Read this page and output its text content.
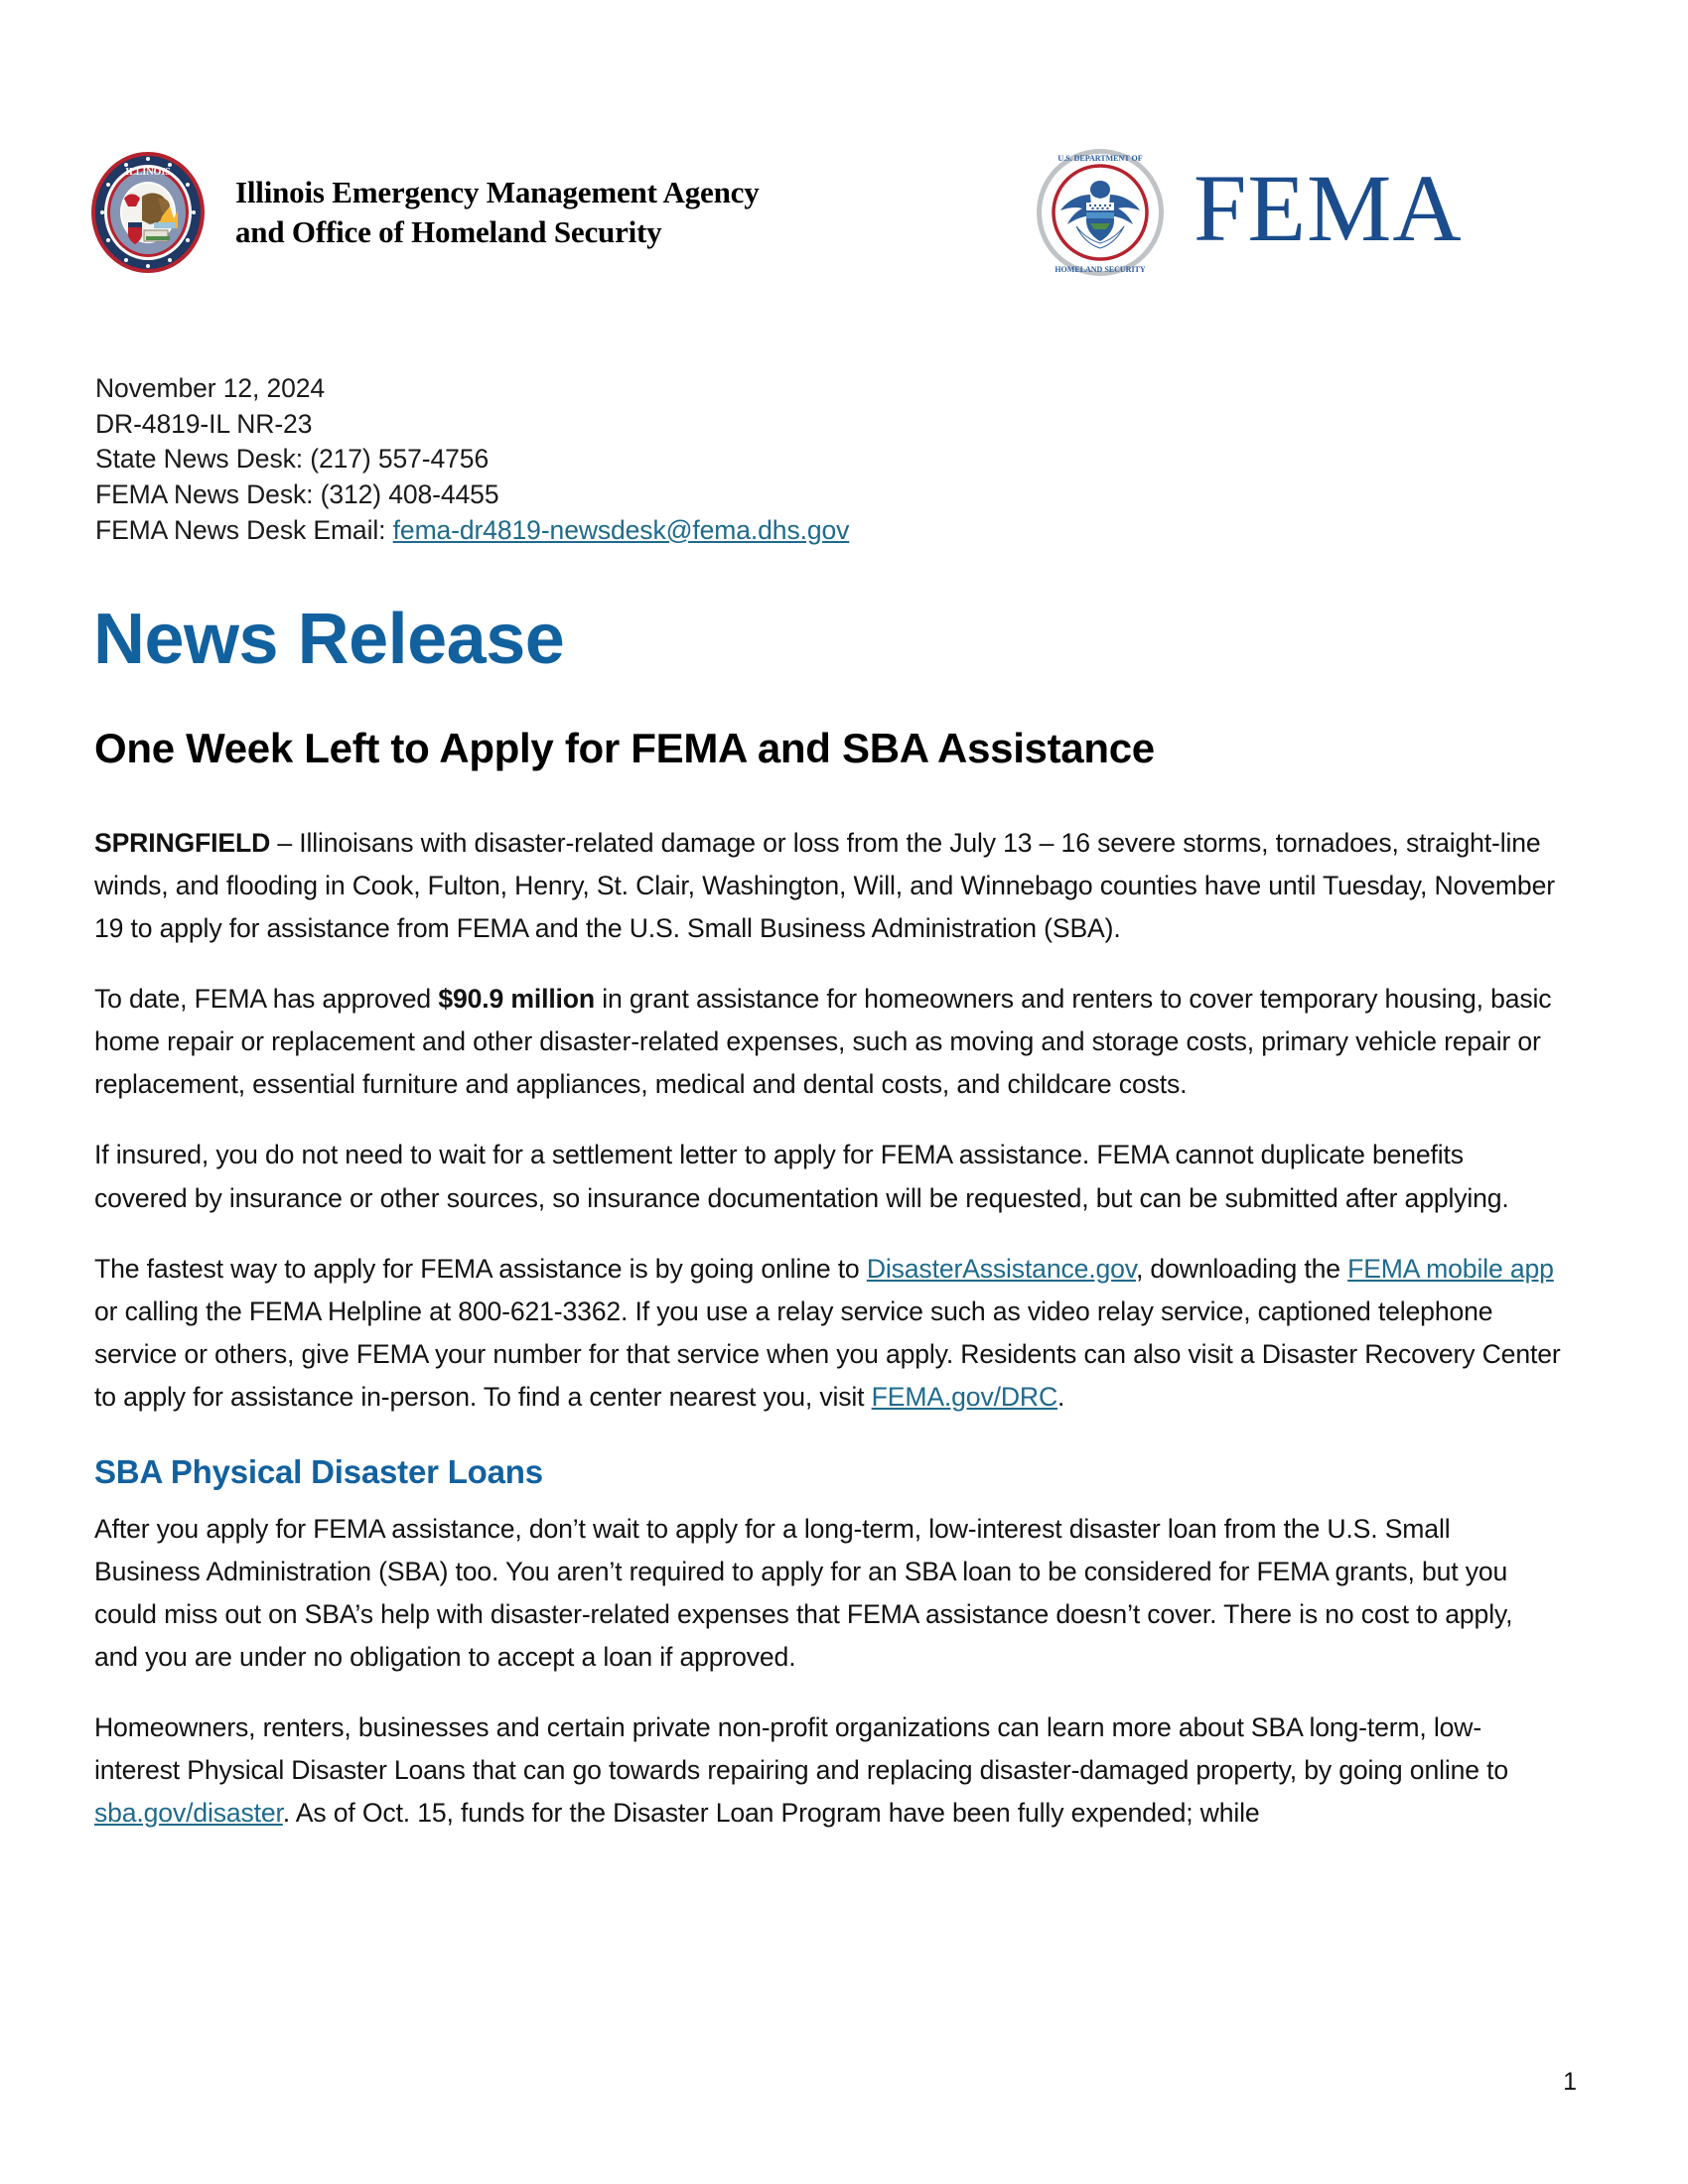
ILLINOIS
Illinois Emergency Management Agency
and Office of Homeland Security
U.S. DEPARTMENT OF
HOMELAND SECURITY
FEMA
November 12, 2024
DR-4819-IL NR-23
State News Desk: (217) 557-4756
FEMA News Desk: (312) 408-4455
FEMA News Desk Email: fema-dr4819-newsdesk@fema.dhs.gov
News Release
One Week Left to Apply for FEMA and SBA Assistance

SPRINGFIELD – Illinoisans with disaster-related damage or loss from the July 13 – 16 severe storms, tornadoes, straight-line winds, and flooding in Cook, Fulton, Henry, St. Clair, Washington, Will, and Winnebago counties have until Tuesday, November 19 to apply for assistance from FEMA and the U.S. Small Business Administration (SBA).

To date, FEMA has approved $90.9 million in grant assistance for homeowners and renters to cover temporary housing, basic home repair or replacement and other disaster-related expenses, such as moving and storage costs, primary vehicle repair or replacement, essential furniture and appliances, medical and dental costs, and childcare costs.

If insured, you do not need to wait for a settlement letter to apply for FEMA assistance. FEMA cannot duplicate benefits covered by insurance or other sources, so insurance documentation will be requested, but can be submitted after applying.

The fastest way to apply for FEMA assistance is by going online to DisasterAssistance.gov, downloading the FEMA mobile app or calling the FEMA Helpline at 800-621-3362. If you use a relay service such as video relay service, captioned telephone service or others, give FEMA your number for that service when you apply. Residents can also visit a Disaster Recovery Center to apply for assistance in-person. To find a center nearest you, visit FEMA.gov/DRC.

SBA Physical Disaster Loans

After you apply for FEMA assistance, don’t wait to apply for a long-term, low-interest disaster loan from the U.S. Small Business Administration (SBA) too. You aren’t required to apply for an SBA loan to be considered for FEMA grants, but you could miss out on SBA’s help with disaster-related expenses that FEMA assistance doesn’t cover. There is no cost to apply, and you are under no obligation to accept a loan if approved.

Homeowners, renters, businesses and certain private non-profit organizations can learn more about SBA long-term, low-interest Physical Disaster Loans that can go towards repairing and replacing disaster-damaged property, by going online to sba.gov/disaster. As of Oct. 15, funds for the Disaster Loan Program have been fully expended; while

1
